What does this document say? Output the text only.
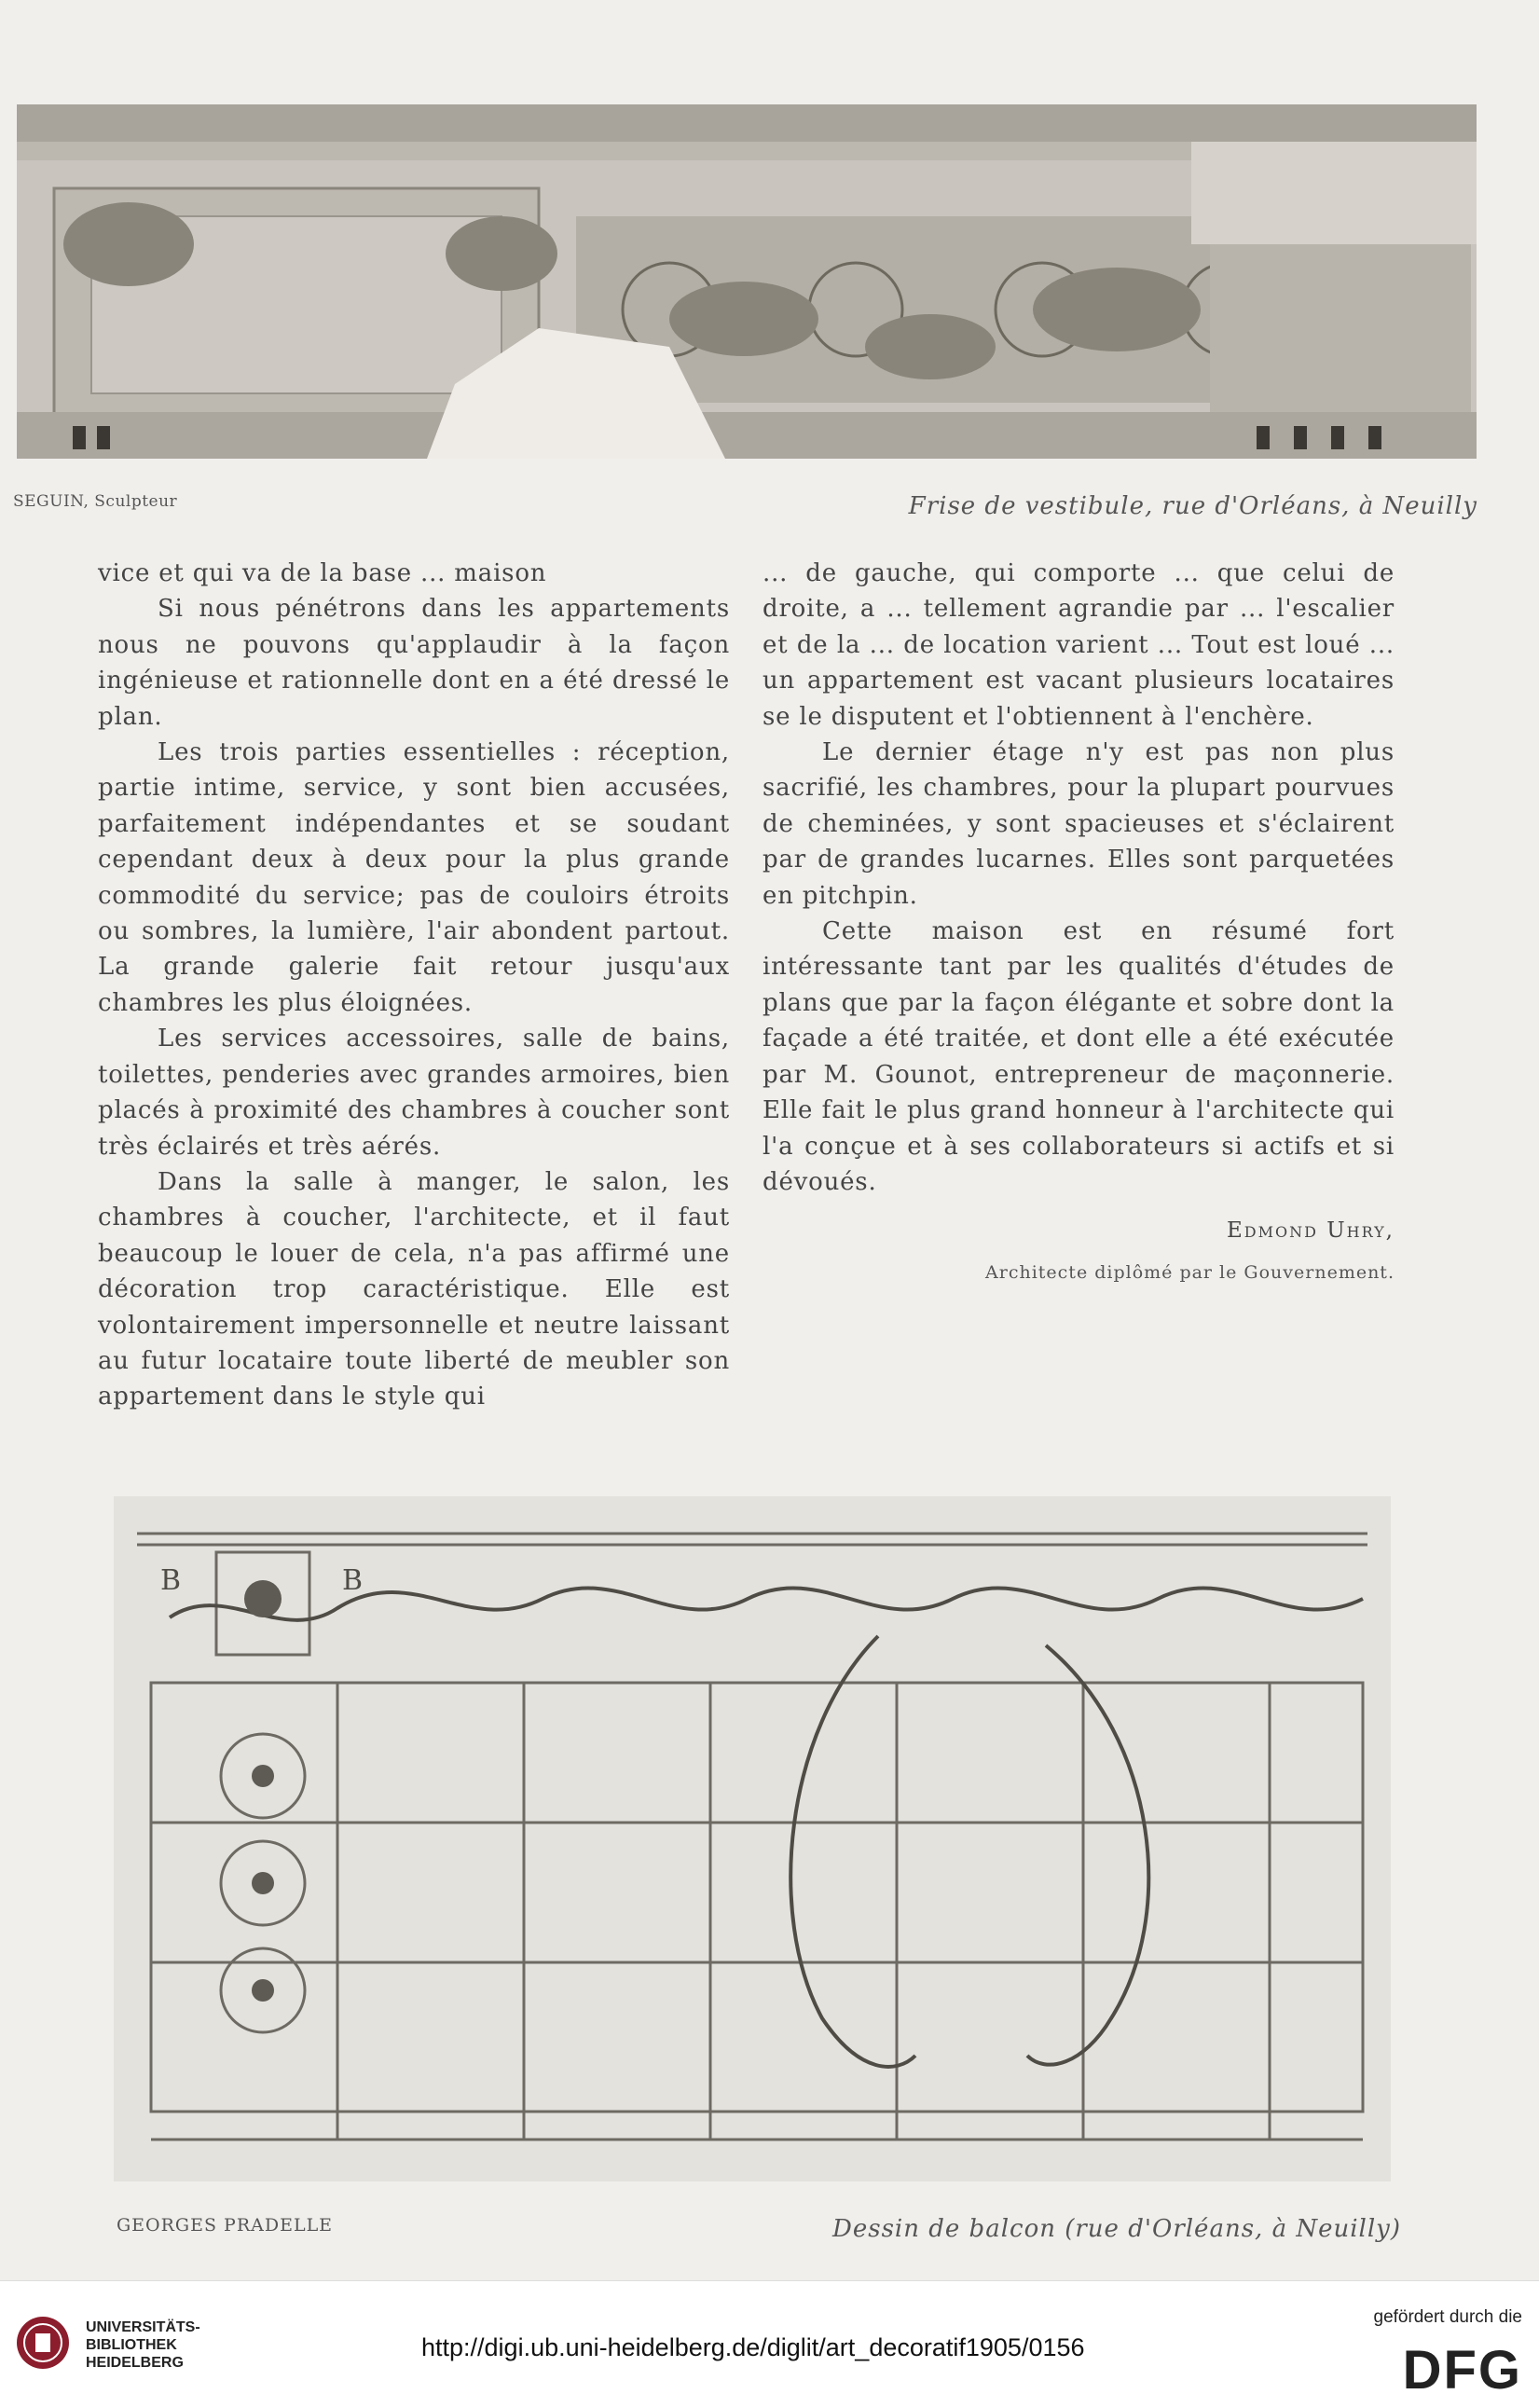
SEGUIN, Sculpteur	Frise de vestibule, rue d'Orléans, à Neuilly

vice et qui va de la base ... maison

Si nous pénétrons dans les appartements nous ne pouvons qu'applaudir à la façon ingénieuse et rationnelle dont en a été dressé le plan.

Les trois parties essentielles : réception, partie intime, service, y sont bien accusées, parfaitement indépendantes et se soudant cependant deux à deux pour la plus grande commodité du service; pas de couloirs étroits ou sombres, la lumière, l'air abondent partout. La grande galerie fait retour jusqu'aux chambres les plus éloignées.

Les services accessoires, salle de bains, toilettes, penderies avec grandes armoires, bien placés à proximité des chambres à coucher sont très éclairés et très aérés.

Dans la salle à manger, le salon, les chambres à coucher, l'architecte, et il faut beaucoup le louer de cela, n'a pas affirmé une décoration trop caractéristique. Elle est volontairement impersonnelle et neutre laissant au futur locataire toute liberté de meubler son appartement dans le style qui

... de gauche, qui comporte ... que celui de droite, a ... tellement agrandie par ... l'escalier et de la ... de location varient ... Tout est loué ... un appartement est vacant plusieurs locataires se le disputent et l'obtiennent à l'enchère.

Le dernier étage n'y est pas non plus sacrifié, les chambres, pour la plupart pourvues de cheminées, y sont spacieuses et s'éclairent par de grandes lucarnes. Elles sont parquetées en pitchpin.

Cette maison est en résumé fort intéressante tant par les qualités d'études de plans que par la façon élégante et sobre dont la façade a été traitée, et dont elle a été exécutée par M. Gounot, entrepreneur de maçonnerie. Elle fait le plus grand honneur à l'architecte qui l'a conçue et à ses collaborateurs si actifs et si dévoués.

Edmond Uhry,
Architecte diplômé par le Gouvernement.
B	B
GEORGES PRADELLE	Dessin de balcon (rue d'Orléans, à Neuilly)
UNIVERSITÄTS-
BIBLIOTHEK
HEIDELBERG
http://digi.ub.uni-heidelberg.de/diglit/art_decoratif1905/0156
gefördert durch die
DFG
